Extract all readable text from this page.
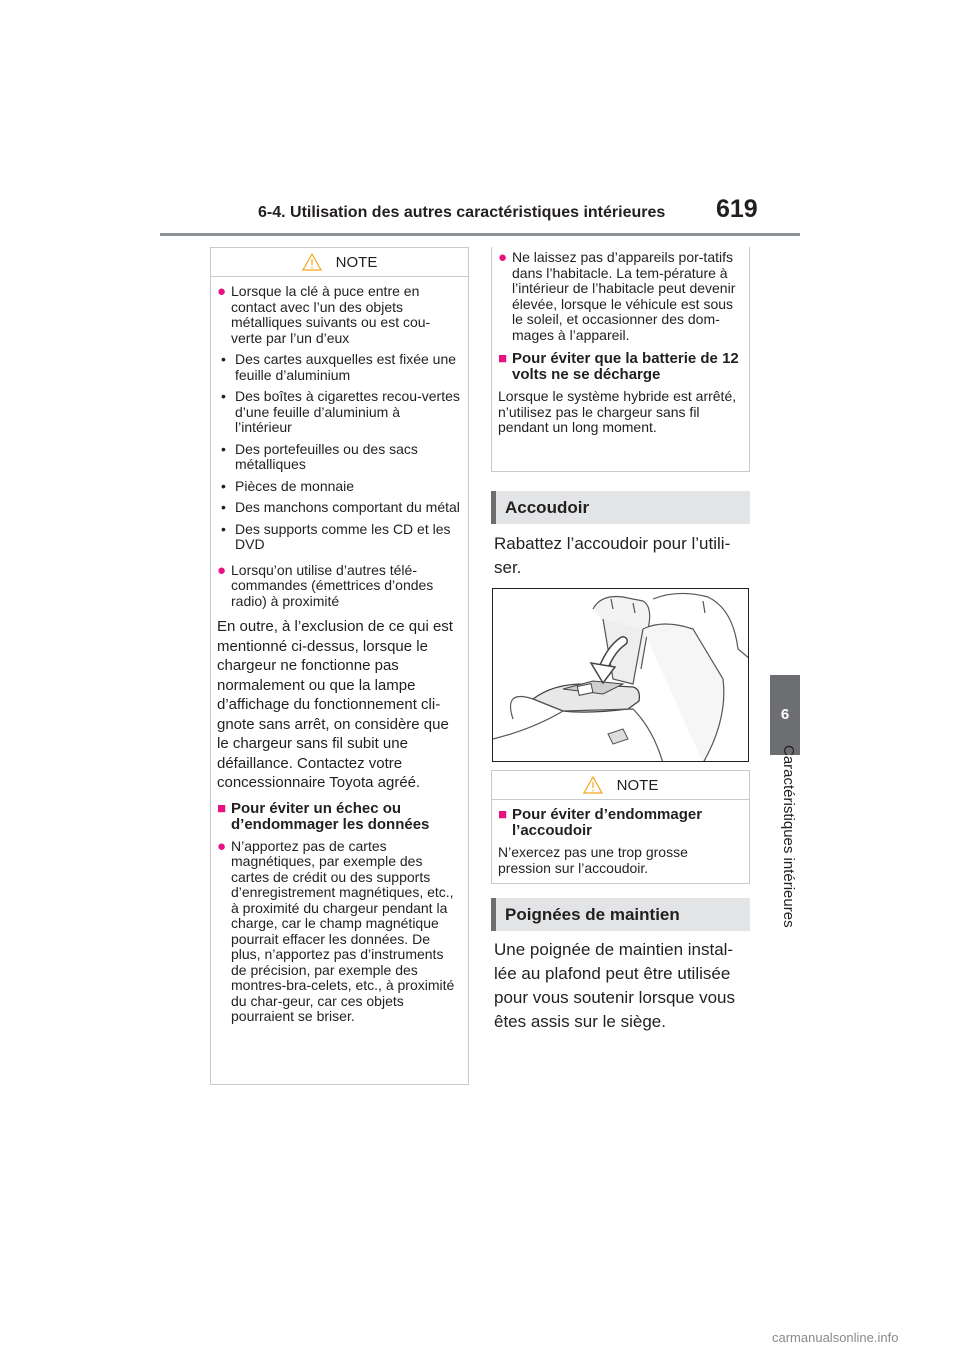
6-4. Utilisation des autres caractéristiques intérieures 619
6
Caractéristiques intérieures
NOTE
● Lorsque la clé à puce entre en contact avec l’un des objets métalliques suivants ou est cou-verte par l’un d’eux
• Des cartes auxquelles est fixée une feuille d’aluminium
• Des boîtes à cigarettes recou-vertes d’une feuille d’aluminium à l’intérieur
• Des portefeuilles ou des sacs métalliques
• Pièces de monnaie
• Des manchons comportant du métal
• Des supports comme les CD et les DVD
● Lorsqu’on utilise d’autres télé-commandes (émettrices d’ondes radio) à proximité
En outre, à l’exclusion de ce qui est mentionné ci-dessus, lorsque le chargeur ne fonctionne pas normalement ou que la lampe d’affichage du fonctionnement cli-gnote sans arrêt, on considère que le chargeur sans fil subit une défaillance. Contactez votre concessionnaire Toyota agréé.
■ Pour éviter un échec ou d’endommager les données
● N’apportez pas de cartes magnétiques, par exemple des cartes de crédit ou des supports d’enregistrement magnétiques, etc., à proximité du chargeur pendant la charge, car le champ magnétique pourrait effacer les données. De plus, n’apportez pas d’instruments de précision, par exemple des montres-bra-celets, etc., à proximité du char-geur, car ces objets pourraient se briser.
● Ne laissez pas d’appareils por-tatifs dans l’habitacle. La tem-pérature à l’intérieur de l’habitacle peut devenir élevée, lorsque le véhicule est sous le soleil, et occasionner des dom-mages à l’appareil.
■ Pour éviter que la batterie de 12 volts ne se décharge
Lorsque le système hybride est arrêté, n’utilisez pas le chargeur sans fil pendant un long moment.
Accoudoir
Rabattez l’accoudoir pour l’utili-ser.
NOTE
■ Pour éviter d’endommager l’accoudoir
N’exercez pas une trop grosse pression sur l’accoudoir.
Poignées de maintien
Une poignée de maintien instal-lée au plafond peut être utilisée pour vous soutenir lorsque vous êtes assis sur le siège.
carmanualsonline.info
